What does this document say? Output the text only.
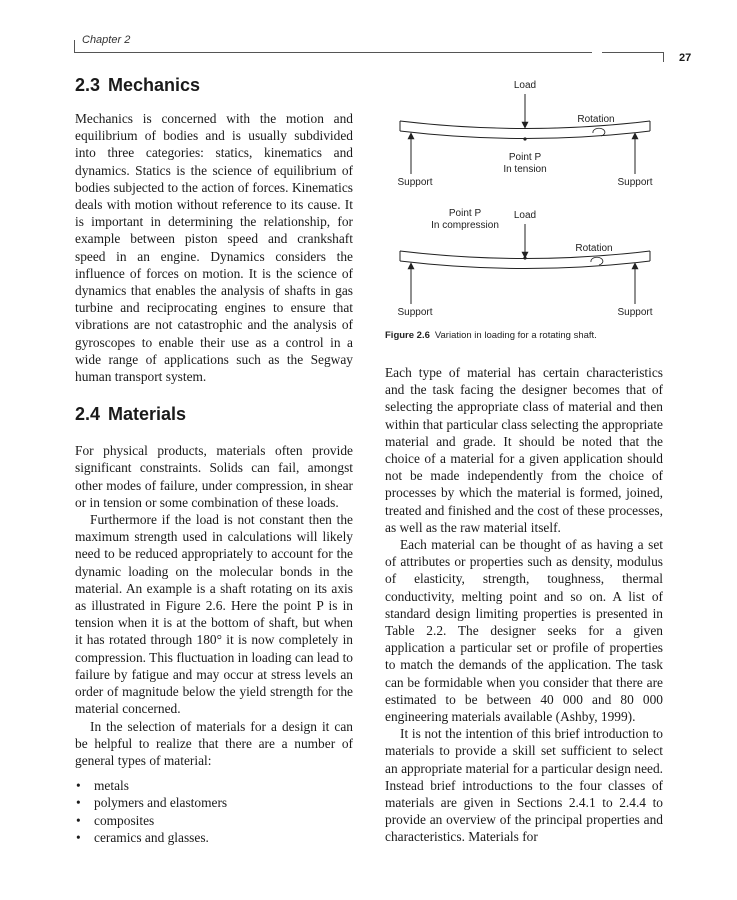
Chapter 2
27
2.3 Mechanics

Mechanics is concerned with the motion and equilibrium of bodies and is usually subdivided into three categories: statics, kinematics and dynamics. Statics is the science of equilibrium of bodies subjected to the action of forces. Kinematics deals with motion without reference to its cause. It is important in determining the relationship, for example between piston speed and crankshaft speed in an engine. Dynamics considers the influence of forces on motion. It is the science of dynamics that enables the analysis of shafts in gas turbine and reciprocating engines to ensure that vibrations are not catastrophic and the analysis of gyroscopes to enable their use as a control in a wide range of applications such as the Segway human transport system.

2.4 Materials

For physical products, materials often provide significant constraints. Solids can fail, amongst other modes of failure, under compression, in shear or in tension or some combination of these loads.

Furthermore if the load is not constant then the maximum strength used in calculations will likely need to be reduced appropriately to account for the dynamic loading on the molecular bonds in the material. An example is a shaft rotating on its axis as illustrated in Figure 2.6. Here the point P is in tension when it is at the bottom of shaft, but when it has rotated through 180° it is now completely in compression. This fluctuation in loading can lead to failure by fatigue and may occur at stress levels an order of magnitude below the yield strength for the material concerned.

In the selection of materials for a design it can be helpful to realize that there are a number of general types of material:

• metals
• polymers and elastomers
• composites
• ceramics and glasses.
Load
Rotation
Point P
In tension
Support	Support
Point P
In compression
Load
Rotation
Support	Support
Figure 2.6 Variation in loading for a rotating shaft.

Each type of material has certain characteristics and the task facing the designer becomes that of selecting the appropriate class of material and then within that particular class selecting the appropriate material and grade. It should be noted that the choice of a material for a given application should not be made independently from the choice of processes by which the material is formed, joined, treated and finished and the cost of these processes, as well as the raw material itself.

Each material can be thought of as having a set of attributes or properties such as density, modulus of elasticity, strength, toughness, thermal conductivity, melting point and so on. A list of standard design limiting properties is presented in Table 2.2. The designer seeks for a given application a particular set or profile of properties to match the demands of the application. The task can be formidable when you consider that there are estimated to be between 40 000 and 80 000 engineering materials available (Ashby, 1999).

It is not the intention of this brief introduction to materials to provide a skill set sufficient to select an appropriate material for a particular design need. Instead brief introductions to the four classes of materials are given in Sections 2.4.1 to 2.4.4 to provide an overview of the principal properties and characteristics. Materials for
